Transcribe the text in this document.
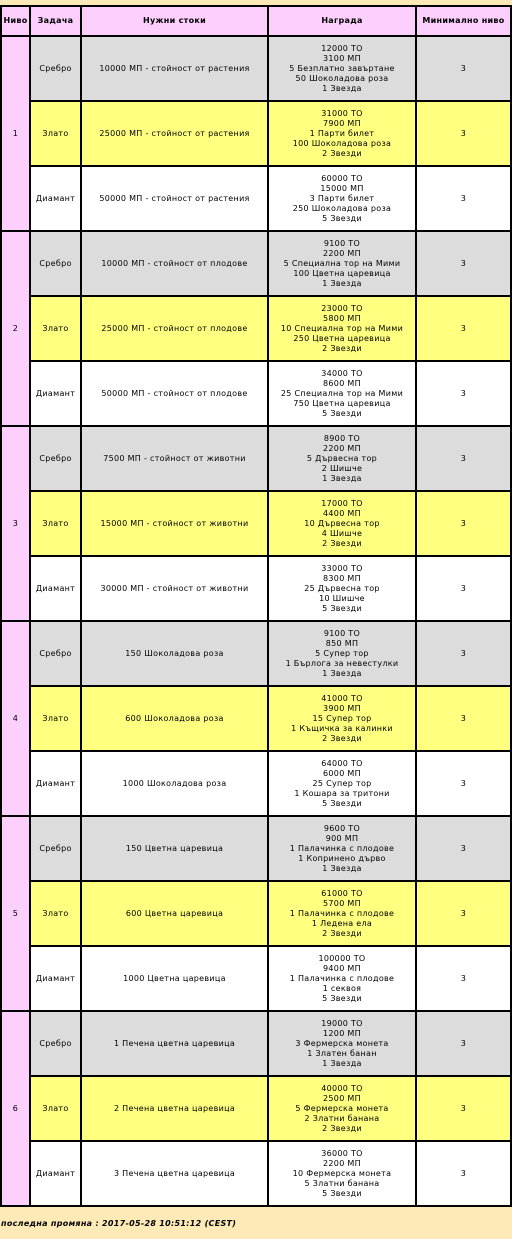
Ниво	Задача	Нужни стоки	Награда	Минимално ниво
1	Сребро	10000 МП - стойност от растения	12000 ТО
3100 МП
5 Безплатно завъртане
50 Шоколадова роза
1 Звезда	3
	Злато	25000 МП - стойност от растения	31000 ТО
7900 МП
1 Парти билет
100 Шоколадова роза
2 Звезди	3
	Диамант	50000 МП - стойност от растения	60000 ТО
15000 МП
3 Парти билет
250 Шоколадова роза
5 Звезди	3
2	Сребро	10000 МП - стойност от плодове	9100 ТО
2200 МП
5 Специална тор на Мими
100 Цветна царевица
1 Звезда	3
	Злато	25000 МП - стойност от плодове	23000 ТО
5800 МП
10 Специална тор на Мими
250 Цветна царевица
2 Звезди	3
	Диамант	50000 МП - стойност от плодове	34000 ТО
8600 МП
25 Специална тор на Мими
750 Цветна царевица
5 Звезди	3
3	Сребро	7500 МП - стойност от животни	8900 ТО
2200 МП
5 Дървесна тор
2 Шишче
1 Звезда	3
	Злато	15000 МП - стойност от животни	17000 ТО
4400 МП
10 Дървесна тор
4 Шишче
2 Звезди	3
	Диамант	30000 МП - стойност от животни	33000 ТО
8300 МП
25 Дървесна тор
10 Шишче
5 Звезди	3
4	Сребро	150 Шоколадова роза	9100 ТО
850 МП
5 Супер тор
1 Бърлога за невестулки
1 Звезда	3
	Злато	600 Шоколадова роза	41000 ТО
3900 МП
15 Супер тор
1 Къщичка за калинки
2 Звезди	3
	Диамант	1000 Шоколадова роза	64000 ТО
6000 МП
25 Супер тор
1 Кошара за тритони
5 Звезди	3
5	Сребро	150 Цветна царевица	9600 ТО
900 МП
1 Палачинка с плодове
1 Копринено дърво
1 Звезда	3
	Злато	600 Цветна царевица	61000 ТО
5700 МП
1 Палачинка с плодове
1 Ледена ела
2 Звезди	3
	Диамант	1000 Цветна царевица	100000 ТО
9400 МП
1 Палачинка с плодове
1 секвоя
5 Звезди	3
6	Сребро	1 Печена цветна царевица	19000 ТО
1200 МП
3 Фермерска монета
1 Златен банан
1 Звезда	3
	Злато	2 Печена цветна царевица	40000 ТО
2500 МП
5 Фермерска монета
2 Златни банана
2 Звезди	3
	Диамант	3 Печена цветна царевица	36000 ТО
2200 МП
10 Фермерска монета
5 Златни банана
5 Звезди	3
последна промяна : 2017-05-28 10:51:12 (CEST)
